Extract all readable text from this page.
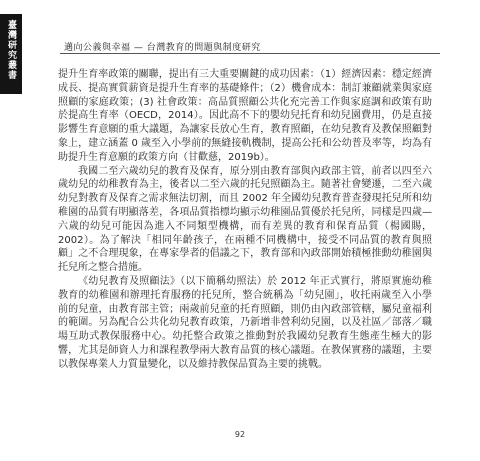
臺灣研究叢書	邁向公義與幸福 — 台灣教育的問題與制度研究

提升生育率政策的關聯，提出有三大重要關鍵的成功因素：（1）經濟因素：穩定經濟成長、提高實質薪資是提升生育率的基礎條件；（2）機會成本：制訂兼顧就業與家庭照顧的家庭政策；(3) 社會政策：高品質照顧公共化充完善工作與家庭調和政策有助於提高生育率（OECD，2014）。因此高不下的嬰幼兒托育和幼兒園費用，仍是直接影響生育意願的重大議題，為讓家長放心生育，教育照顧，在幼兒教育及教保照顧對象上，建立涵蓋 0 歲至入小學前的無縫接軌機制，提高公托和公幼普及率等，均為有助提升生育意願的政策方向（甘歡慈，2019b）。

我國二至六歲幼兒的教育及保育，原分別由教育部與內政部主管，前者以四至六歲幼兒的幼稚教育為主，後者以二至六歲的托兒照顧為主。隨著社會變遷，二至六歲幼兒對教育及保育之需求無法切割，而且 2002 年全國幼兒教育普查發現托兒所和幼稚園的品質有明顯落差，各項品質指標均顯示幼稚園品質優於托兒所，同樣是四歲—六歲的幼兒可能因為進入不同類型機構，而有差異的教育和保育品質（楊國賜，2002）。為了解決「相同年齡孩子，在兩種不同機構中，接受不同品質的教育與照顧」之不合理現象，在專家學者的倡議之下，教育部和內政部開始積極推動幼稚園與托兒所之整合措施。

《幼兒教育及照顧法》（以下簡稱幼照法）於 2012 年正式實行，將原實施幼稚教育的幼稚園和辦理托育服務的托兒所，整合統稱為「幼兒園」，收托兩歲至入小學前的兒童，由教育部主管；兩歲前兒童的托育照顧，則仍由內政部管轄，屬兒童福利的範圍。另為配合公共化幼兒教育政策，乃新增非營利幼兒園，以及社區／部落／職場互助式教保服務中心。幼托整合政策之推動對於我國幼兒教育生態產生極大的影響，尤其是師資人力和課程教學兩大教育品質的核心議題。在教保實務的議題，主要以教保專業人力質量變化，以及維持教保品質為主要的挑戰。

92
